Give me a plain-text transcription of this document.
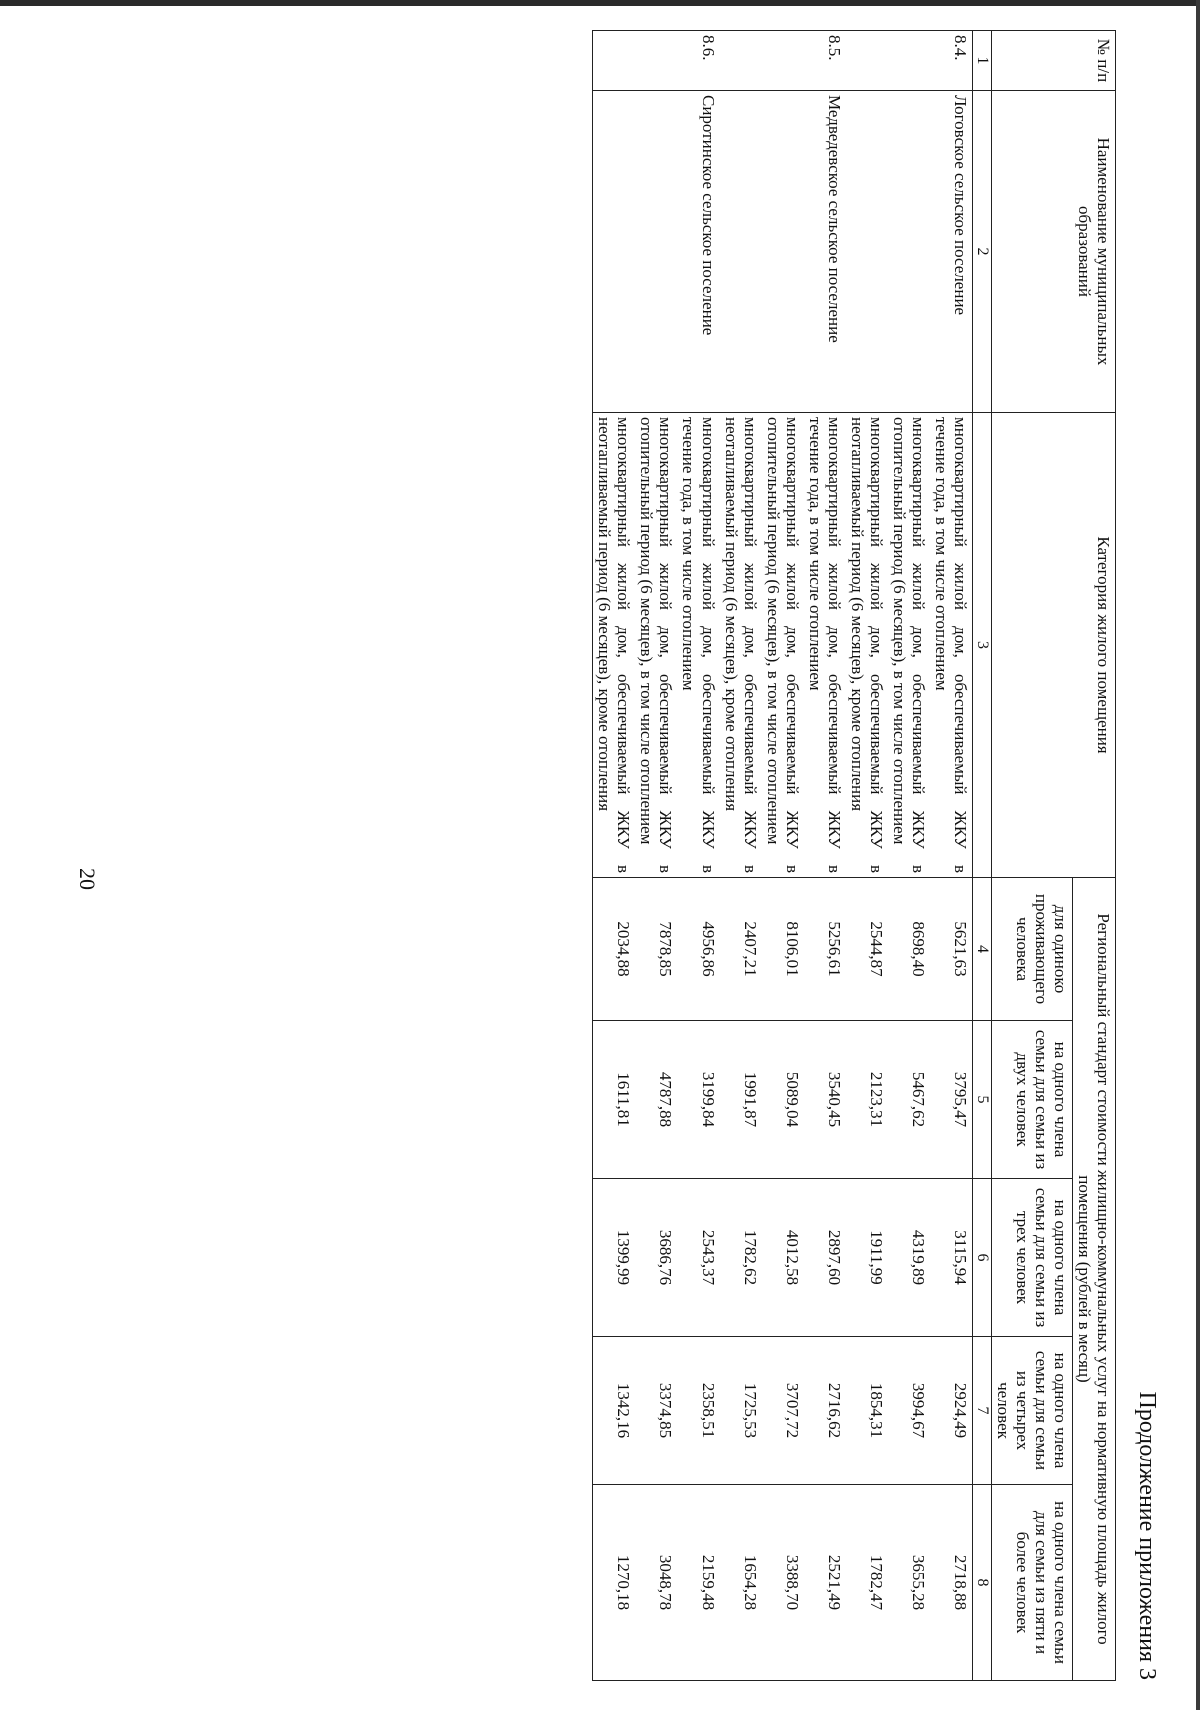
20
Продолжение приложения 3
№ п/п	Наименование муниципальных образований	Категория жилого помещения	Региональный стандарт стоимости жилищно-коммунальных услуг на нормативную площадь жилого помещения (рублей в месяц)				
			для одиноко проживающего человека	на одного члена семьи для семьи из двух человек	на одного члена семьи для семьи из трех человек	на одного члена семьи для семьи из четырех человек	на одного члена семьи для семьи из пяти и более человек
1	2	3	4	5	6	7	8
8.4.	Логовское сельское поселение	многоквартирный жилой дом, обеспечиваемый ЖКУ в течение года, в том числе отоплением	5621,63	3795,47	3115,94	2924,49	2718,88
		многоквартирный жилой дом, обеспечиваемый ЖКУ в отопительный период (6 месяцев), в том числе отоплением	8698,40	5467,62	4319,89	3994,67	3655,28
		многоквартирный жилой дом, обеспечиваемый ЖКУ в неотапливаемый период (6 месяцев), кроме отопления	2544,87	2123,31	1911,99	1854,31	1782,47
8.5.	Медведевское сельское поселение	многоквартирный жилой дом, обеспечиваемый ЖКУ в течение года, в том числе отоплением	5256,61	3540,45	2897,60	2716,62	2521,49
		многоквартирный жилой дом, обеспечиваемый ЖКУ в отопительный период (6 месяцев), в том числе отоплением	8106,01	5089,04	4012,58	3707,72	3388,70
		многоквартирный жилой дом, обеспечиваемый ЖКУ в неотапливаемый период (6 месяцев), кроме отопления	2407,21	1991,87	1782,62	1725,53	1654,28
8.6.	Сиротинское сельское поселение	многоквартирный жилой дом, обеспечиваемый ЖКУ в течение года, в том числе отоплением	4956,86	3199,84	2543,37	2358,51	2159,48
		многоквартирный жилой дом, обеспечиваемый ЖКУ в отопительный период (6 месяцев), в том числе отоплением	7878,85	4787,88	3686,76	3374,85	3048,78
		многоквартирный жилой дом, обеспечиваемый ЖКУ в неотапливаемый период (6 месяцев), кроме отопления	2034,88	1611,81	1399,99	1342,16	1270,18
